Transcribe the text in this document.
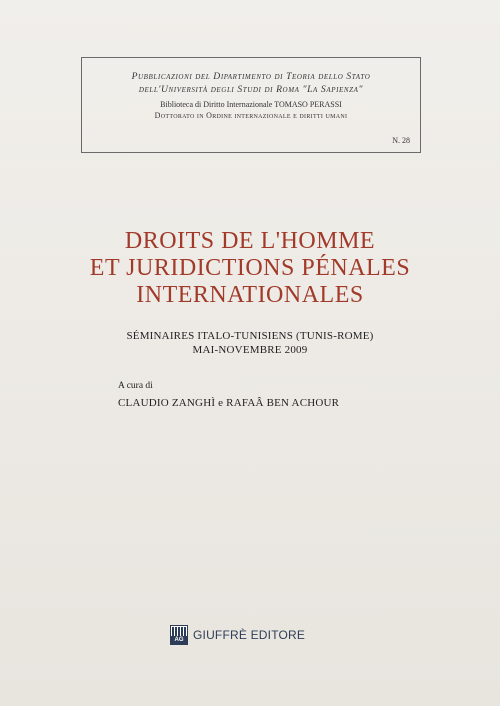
Pubblicazioni del Dipartimento di Teoria dello Stato
dell'Università degli Studi di Roma "La Sapienza"
Biblioteca di Diritto Internazionale TOMASO PERASSI
Dottorato in Ordine internazionale e diritti umani
N. 28
DROITS DE L'HOMME
ET JURIDICTIONS PÉNALES
INTERNATIONALES
SÉMINAIRES ITALO-TUNISIENS (TUNIS-ROME)
MAI-NOVEMBRE 2009
A cura di
CLAUDIO ZANGHÌ e RAFAÂ BEN ACHOUR
AG GIUFFRÈ EDITORE
